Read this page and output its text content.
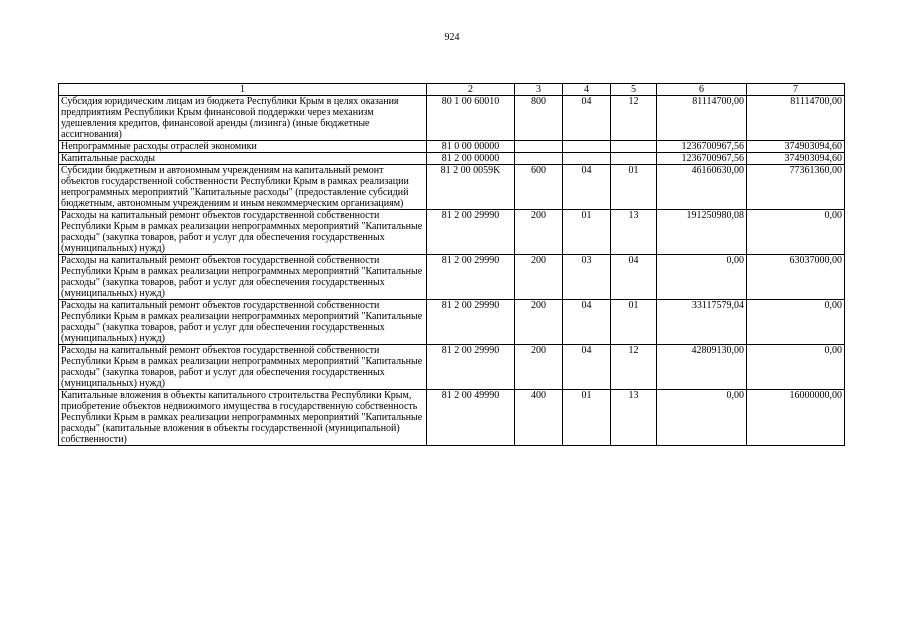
924
1	2	3	4	5	6	7
Субсидия юридическим лицам из бюджета Республики Крым в целях оказания предприятиям Республики Крым финансовой поддержки через механизм удешевления кредитов, финансовой аренды (лизинга) (иные бюджетные ассигнования)	80 1 00 60010	800	04	12	81114700,00	81114700,00
Непрограммные расходы отраслей экономики	81 0 00 00000				1236700967,56	374903094,60
Капитальные расходы	81 2 00 00000				1236700967,56	374903094,60
Субсидии бюджетным и автономным учреждениям на капитальный ремонт объектов государственной собственности Республики Крым в рамках реализации непрограммных мероприятий "Капитальные расходы" (предоставление субсидий бюджетным, автономным учреждениям и иным некоммерческим организациям)	81 2 00 0059K	600	04	01	46160630,00	77361360,00
Расходы на капитальный ремонт объектов государственной собственности Республики Крым в рамках реализации непрограммных мероприятий "Капитальные расходы" (закупка товаров, работ и услуг для обеспечения государственных (муниципальных) нужд)	81 2 00 29990	200	01	13	191250980,08	0,00
Расходы на капитальный ремонт объектов государственной собственности Республики Крым в рамках реализации непрограммных мероприятий "Капитальные расходы" (закупка товаров, работ и услуг для обеспечения государственных (муниципальных) нужд)	81 2 00 29990	200	03	04	0,00	63037000,00
Расходы на капитальный ремонт объектов государственной собственности Республики Крым в рамках реализации непрограммных мероприятий "Капитальные расходы" (закупка товаров, работ и услуг для обеспечения государственных (муниципальных) нужд)	81 2 00 29990	200	04	01	33117579,04	0,00
Расходы на капитальный ремонт объектов государственной собственности Республики Крым в рамках реализации непрограммных мероприятий "Капитальные расходы" (закупка товаров, работ и услуг для обеспечения государственных (муниципальных) нужд)	81 2 00 29990	200	04	12	42809130,00	0,00
Капитальные вложения в объекты капитального строительства Республики Крым, приобретение объектов недвижимого имущества в государственную собственность Республики Крым в рамках реализации непрограммных мероприятий "Капитальные расходы" (капитальные вложения в объекты государственной (муниципальной) собственности)	81 2 00 49990	400	01	13	0,00	16000000,00
